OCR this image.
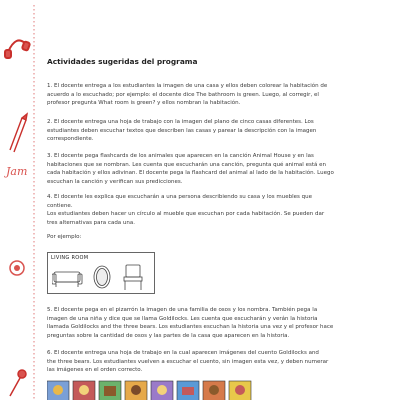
Jam
Actividades sugeridas del programa

1. El docente entrega a los estudiantes la imagen de una casa y ellos deben colorear la habitación de
acuerdo a lo escuchado; por ejemplo: el docente dice The bathroom is green. Luego, al corregir, el
profesor pregunta What room is green? y ellos nombran la habitación.

2. El docente entrega una hoja de trabajo con la imagen del plano de cinco casas diferentes. Los
estudiantes deben escuchar textos que describen las casas y parear la descripción con la imagen
correspondiente.

3. El docente pega flashcards de los animales que aparecen en la canción Animal House y en las
habitaciones que se nombran. Les cuenta que escucharán una canción, pregunta qué animal está en
cada habitación y ellos adivinan. El docente pega la flashcard del animal al lado de la habitación. Luego
escuchan la canción y verifican sus predicciones.

4. El docente les explica que escucharán a una persona describiendo su casa y los muebles que
contiene.
Los estudiantes deben hacer un círculo al mueble que escuchan por cada habitación. Se pueden dar
tres alternativas para cada una.

Por ejemplo:

LIVING ROOM

5. El docente pega en el pizarrón la imagen de una familia de osos y los nombra. También pega la
imagen de una niña y dice que se llama Goldilocks. Les cuenta que escucharán y verán la historia
llamada Goldilocks and the three bears. Los estudiantes escuchan la historia una vez y el profesor hace
preguntas sobre la cantidad de osos y las partes de la casa que aparecen en la historia.

6. El docente entrega una hoja de trabajo en la cual aparecen imágenes del cuento Goldilocks and
the three bears. Los estudiantes vuelven a escuchar el cuento, sin imagen esta vez, y deben numerar
las imágenes en el orden correcto.
